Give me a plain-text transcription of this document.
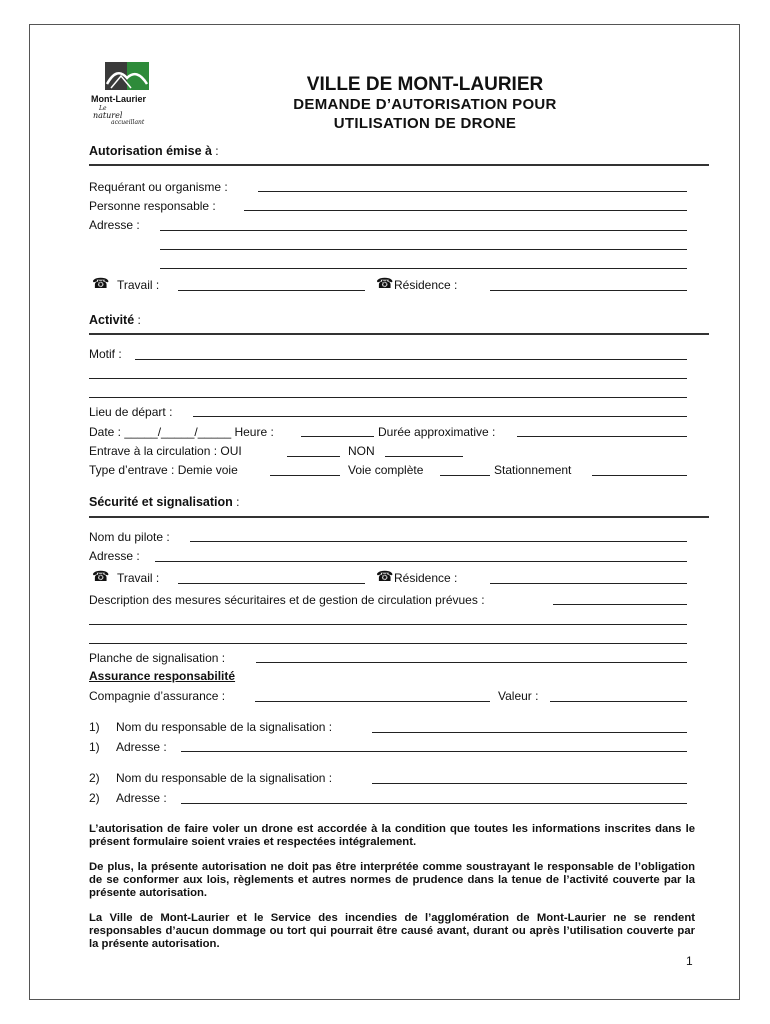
Mont-Laurier
Le
naturel
accueillant
VILLE DE MONT-LAURIER
DEMANDE D’AUTORISATION POUR
UTILISATION DE DRONE
Autorisation émise à :
Requérant ou organisme :
Personne responsable :
Adresse :
☎ Travail :	☎ Résidence :
Activité :
Motif :
Lieu de départ :
Date : _____/_____/_____ Heure :	Durée approximative :
Entrave à la circulation : OUI	NON
Type d’entrave : Demie voie	Voie complète	Stationnement
Sécurité et signalisation :
Nom du pilote :
Adresse :
☎ Travail :	☎ Résidence :
Description des mesures sécuritaires et de gestion de circulation prévues :
Planche de signalisation :
Assurance responsabilité
Compagnie d’assurance :	Valeur :
1) Nom du responsable de la signalisation :
1) Adresse :
2) Nom du responsable de la signalisation :
2) Adresse :
L’autorisation de faire voler un drone est accordée à la condition que toutes les informations inscrites dans le présent formulaire soient vraies et respectées intégralement.
De plus, la présente autorisation ne doit pas être interprétée comme soustrayant le responsable de l’obligation de se conformer aux lois, règlements et autres normes de prudence dans la tenue de l’activité couverte par la présente autorisation.
La Ville de Mont-Laurier et le Service des incendies de l’agglomération de Mont-Laurier ne se rendent responsables d’aucun dommage ou tort qui pourrait être causé avant, durant ou après l’utilisation couverte par la présente autorisation.
1
